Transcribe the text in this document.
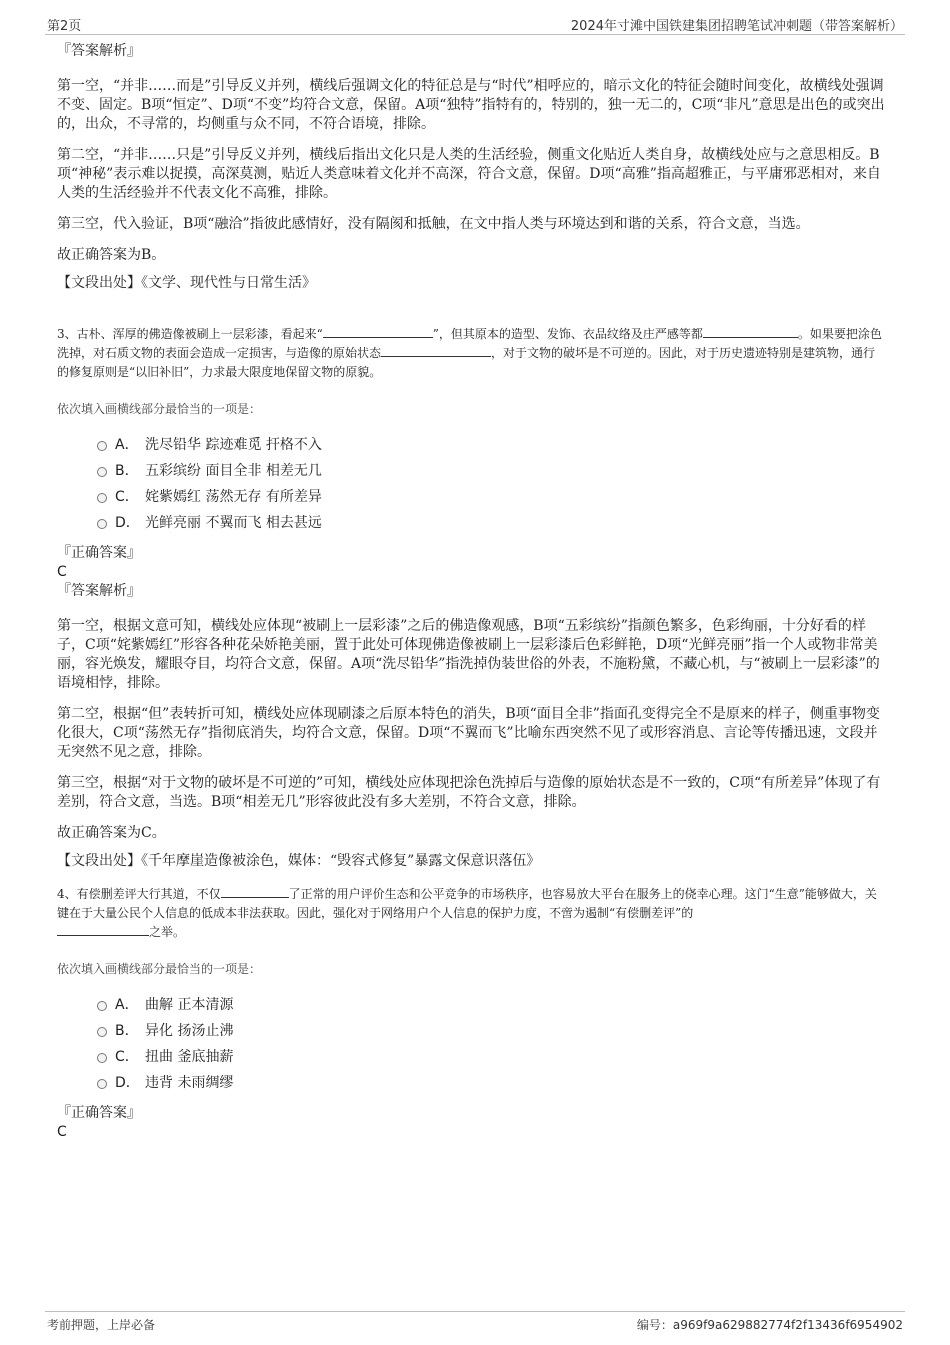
第2页	2024年寸滩中国铁建集团招聘笔试冲刺题（带答案解析）

『答案解析』

第一空，“并非……而是”引导反义并列，横线后强调文化的特征总是与“时代”相呼应的，暗示文化的特征会随时间变化，故横线处强调不变、固定。B项“恒定”、D项“不变”均符合文意，保留。A项“独特”指特有的，特别的，独一无二的，C项“非凡”意思是出色的或突出的，出众，不寻常的，均侧重与众不同，不符合语境，排除。

第二空，“并非……只是”引导反义并列，横线后指出文化只是人类的生活经验，侧重文化贴近人类自身，故横线处应与之意思相反。B项“神秘”表示难以捉摸，高深莫测，贴近人类意味着文化并不高深，符合文意，保留。D项“高雅”指高超雅正，与平庸邪恶相对，来自人类的生活经验并不代表文化不高雅，排除。

第三空，代入验证，B项“融洽”指彼此感情好，没有隔阂和抵触，在文中指人类与环境达到和谐的关系，符合文意，当选。

故正确答案为B。

【文段出处】《文学、现代性与日常生活》

3、古朴、浑厚的佛造像被刷上一层彩漆，看起来“	”，但其原本的造型、发饰、衣品纹络及庄严感等都	。如果要把涂色洗掉，对石质文物的表面会造成一定损害，与造像的原始状态	，对于文物的破坏是不可逆的。因此，对于历史遗迹特别是建筑物，通行的修复原则是“以旧补旧”，力求最大限度地保留文物的原貌。

依次填入画横线部分最恰当的一项是：

A． 洗尽铅华 踪迹难觅 扞格不入
B． 五彩缤纷 面目全非 相差无几
C． 姹紫嫣红 荡然无存 有所差异
D． 光鲜亮丽 不翼而飞 相去甚远

『正确答案』

C

『答案解析』

第一空，根据文意可知，横线处应体现“被刷上一层彩漆”之后的佛造像观感，B项“五彩缤纷”指颜色繁多，色彩绚丽，十分好看的样子，C项“姹紫嫣红”形容各种花朵娇艳美丽，置于此处可体现佛造像被刷上一层彩漆后色彩鲜艳，D项“光鲜亮丽”指一个人或物非常美丽，容光焕发，耀眼夺目，均符合文意，保留。A项“洗尽铅华”指洗掉伪装世俗的外表，不施粉黛，不藏心机，与“被刷上一层彩漆”的语境相悖，排除。

第二空，根据“但”表转折可知，横线处应体现刷漆之后原本特色的消失，B项“面目全非”指面孔变得完全不是原来的样子，侧重事物变化很大，C项“荡然无存”指彻底消失，均符合文意，保留。D项“不翼而飞”比喻东西突然不见了或形容消息、言论等传播迅速，文段并无突然不见之意，排除。

第三空，根据“对于文物的破坏是不可逆的”可知，横线处应体现把涂色洗掉后与造像的原始状态是不一致的，C项“有所差异”体现了有差别，符合文意，当选。B项“相差无几”形容彼此没有多大差别，不符合文意，排除。

故正确答案为C。

【文段出处】《千年摩崖造像被涂色，媒体：“毁容式修复”暴露文保意识落伍》

4、有偿删差评大行其道，不仅	了正常的用户评价生态和公平竞争的市场秩序，也容易放大平台在服务上的侥幸心理。这门“生意”能够做大，关键在于大量公民个人信息的低成本非法获取。因此，强化对于网络用户个人信息的保护力度，不啻为遏制“有偿删差评”的
之举。

依次填入画横线部分最恰当的一项是：

A． 曲解 正本清源
B． 异化 扬汤止沸
C． 扭曲 釜底抽薪
D． 违背 未雨绸缪

『正确答案』

C

考前押题，上岸必备	编号：a969f9a629882774f2f13436f6954902
